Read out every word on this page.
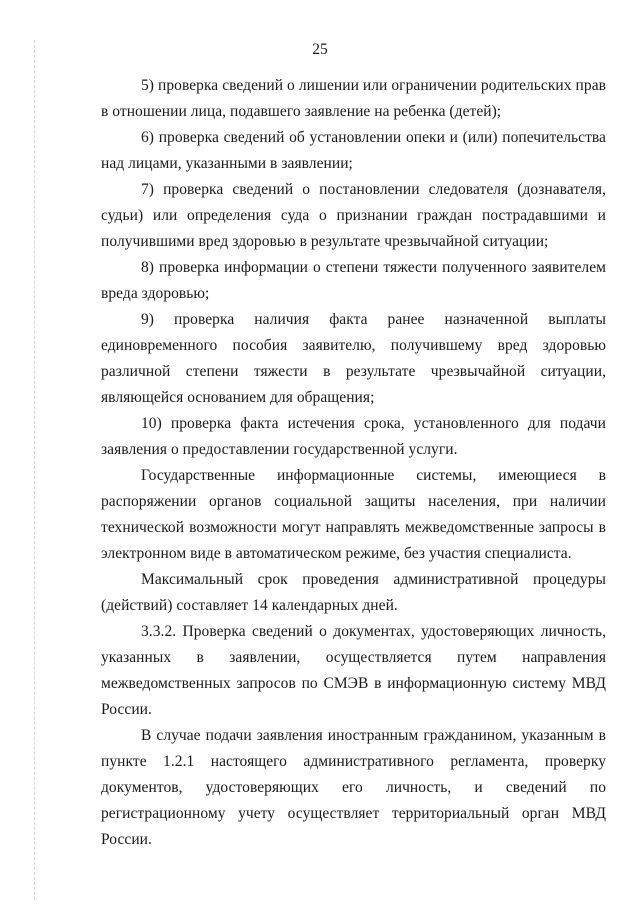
25

5) проверка сведений о лишении или ограничении родительских прав в отношении лица, подавшего заявление на ребенка (детей);

6) проверка сведений об установлении опеки и (или) попечительства над лицами, указанными в заявлении;

7) проверка сведений о постановлении следователя (дознавателя, судьи) или определения суда о признании граждан пострадавшими и получившими вред здоровью в результате чрезвычайной ситуации;

8) проверка информации о степени тяжести полученного заявителем вреда здоровью;

9) проверка наличия факта ранее назначенной выплаты единовременного пособия заявителю, получившему вред здоровью различной степени тяжести в результате чрезвычайной ситуации, являющейся основанием для обращения;

10) проверка факта истечения срока, установленного для подачи заявления о предоставлении государственной услуги.

Государственные информационные системы, имеющиеся в распоряжении органов социальной защиты населения, при наличии технической возможности могут направлять межведомственные запросы в электронном виде в автоматическом режиме, без участия специалиста.

Максимальный срок проведения административной процедуры (действий) составляет 14 календарных дней.

3.3.2. Проверка сведений о документах, удостоверяющих личность, указанных в заявлении, осуществляется путем направления межведомственных запросов по СМЭВ в информационную систему МВД России.

В случае подачи заявления иностранным гражданином, указанным в пункте 1.2.1 настоящего административного регламента, проверку документов, удостоверяющих его личность, и сведений по регистрационному учету осуществляет территориальный орган МВД России.
